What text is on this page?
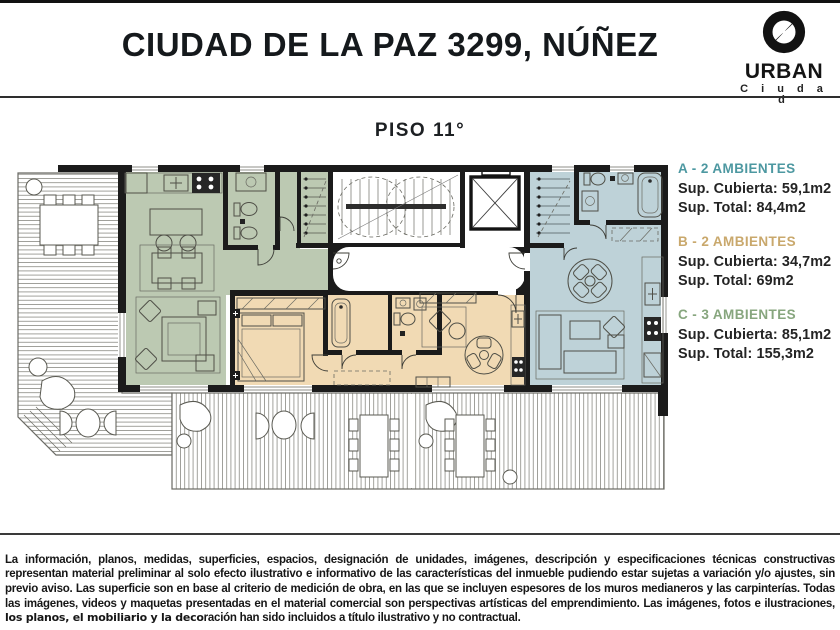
CIUDAD DE LA PAZ 3299, NÚÑEZ
URBAN
C i u d a d
PISO 11°
A - 2 AMBIENTES
Sup. Cubierta: 59,1m2
Sup. Total: 84,4m2
B - 2 AMBIENTES
Sup. Cubierta: 34,7m2
Sup. Total: 69m2
C - 3 AMBIENTES
Sup. Cubierta: 85,1m2
Sup. Total: 155,3m2

La información, planos, medidas, superficies, espacios, designación de unidades, imágenes, descripción y especificaciones técnicas constructivas representan material preliminar al solo efecto ilustrativo e informativo de las características del inmueble pudiendo estar sujetas a variación y/o ajustes, sin previo aviso. Las superficie son en base al criterio de medición de obra, en las que se incluyen espesores de los muros medianeros y las carpinterías. Todas las imágenes, videos y maquetas presentadas en el material comercial son perspectivas artísticas del emprendimiento. Las imágenes, fotos e ilustraciones, los planos, el mobiliario y la decoración han sido incluidos a título ilustrativo y no contractual.
